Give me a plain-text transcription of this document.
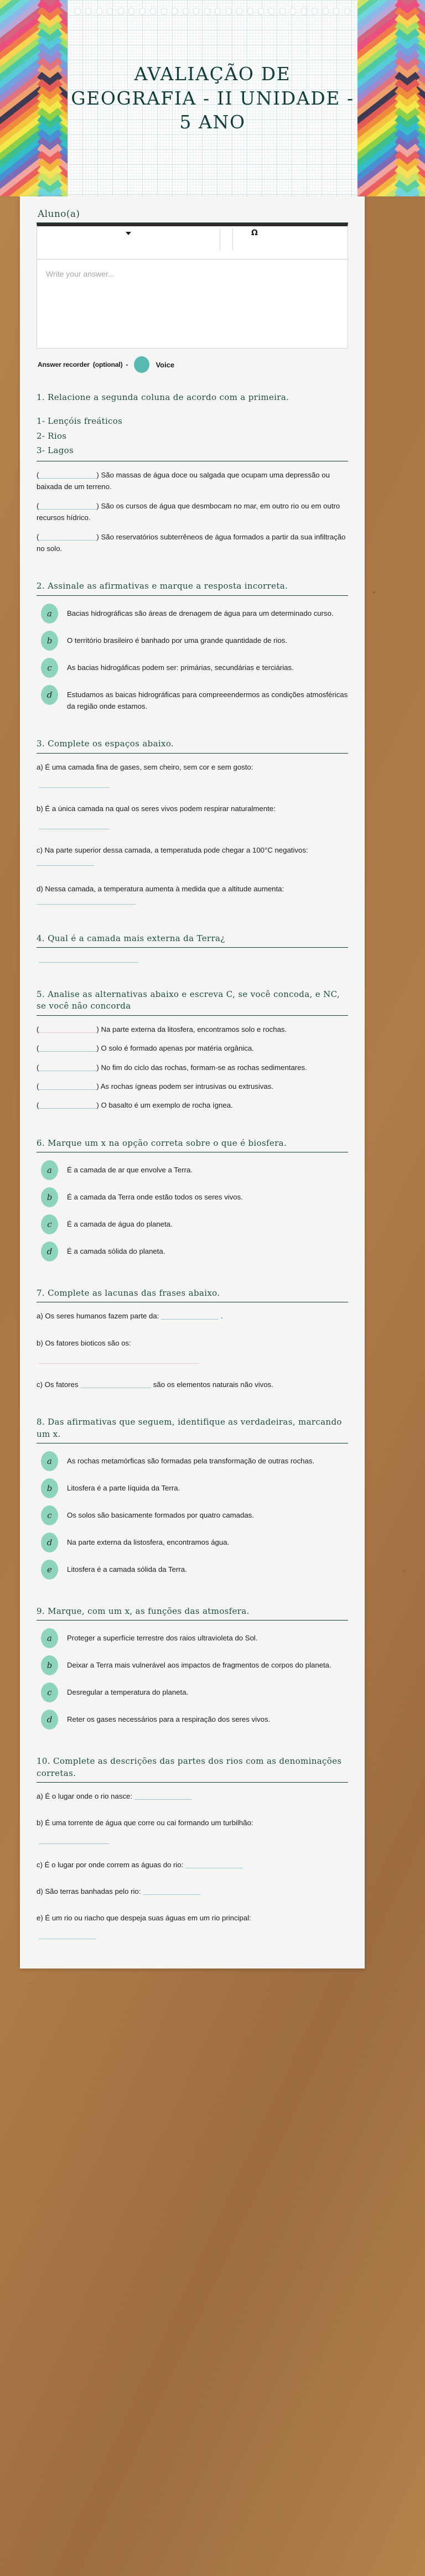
AVALIAÇÃO DE GEOGRAFIA - II UNIDADE - 5 ANO
Aluno(a)
Ω
Write your answer...
Answer recorder (optional) -	Voice
1. Relacione a segunda coluna de acordo com a primeira.
1- Lençóis freáticos
2- Rios
3- Lagos
(	) São massas de água doce ou salgada que ocupam uma depressão ou baixada de um terreno.
(	) São os cursos de água que desmbocam no mar, em outro rio ou em outro recursos hídrico.
(	) São reservatórios subterrêneos de água formados a partir da sua infiltração no solo.
2. Assinale as afirmativas e marque a resposta incorreta.
a	Bacias hidrográficas são áreas de drenagem de água para um determinado curso.
b	O território brasileiro é banhado por uma grande quantidade de rios.
c	As bacias hidrogáficas podem ser: primárias, secundárias e terciárias.
d	Estudamos as baicas hidrográficas para compreeendermos as condições atmosféricas da região onde estamos.
3. Complete os espaços abaixo.
a) É uma camada fina de gases, sem cheiro, sem cor e sem gosto:
b) É a única camada na qual os seres vivos podem respirar naturalmente:
c) Na parte superior dessa camada, a temperatuda pode chegar a 100°C negativos:
d) Nessa camada, a temperatura aumenta à medida que a altitude aumenta:
4. Qual é a camada mais externa da Terra¿
5. Analise as alternativas abaixo e escreva C, se você concoda, e NC, se você não concorda
(	) Na parte externa da litosfera, encontramos solo e rochas.
(	) O solo é formado apenas por matéria orgânica.
(	) No fim do ciclo das rochas, formam-se as rochas sedimentares.
(	) As rochas ígneas podem ser intrusivas ou extrusivas.
(	) O basalto é um exemplo de rocha ígnea.
6. Marque um x na opção correta sobre o que é biosfera.
a	É a camada de ar que envolve a Terra.
b	É a camada da Terra onde estão todos os seres vivos.
c	É a camada de água do planeta.
d	É a camada sólida do planeta.
7. Complete as lacunas das frases abaixo.
a) Os seres humanos fazem parte da:	.
b) Os fatores bioticos são os:
c) Os fatores	são os elementos naturais não vivos.
8. Das afirmativas que seguem, identifique as verdadeiras, marcando um x.
a	As rochas metamórficas são formadas pela transformação de outras rochas.
b	Litosfera é a parte líquida da Terra.
c	Os solos são basicamente formados por quatro camadas.
d	Na parte externa da listosfera, encontramos água.
e	Litosfera é a camada sólida da Terra.
9. Marque, com um x, as funções das atmosfera.
a	Proteger a superfície terrestre dos raios ultravioleta do Sol.
b	Deixar a Terra mais vulnerável aos impactos de fragmentos de corpos do planeta.
c	Desregular a temperatura do planeta.
d	Reter os gases necessários para a respiração dos seres vivos.
10. Complete as descrições das partes dos rios com as denominações corretas.
a) É o lugar onde o rio nasce:
b) É uma torrente de água que corre ou cai formando um turbilhão:
c) É o lugar por onde correm as águas do rio:
d) São terras banhadas pelo rio:
e) É um rio ou riacho que despeja suas águas em um rio principal:
